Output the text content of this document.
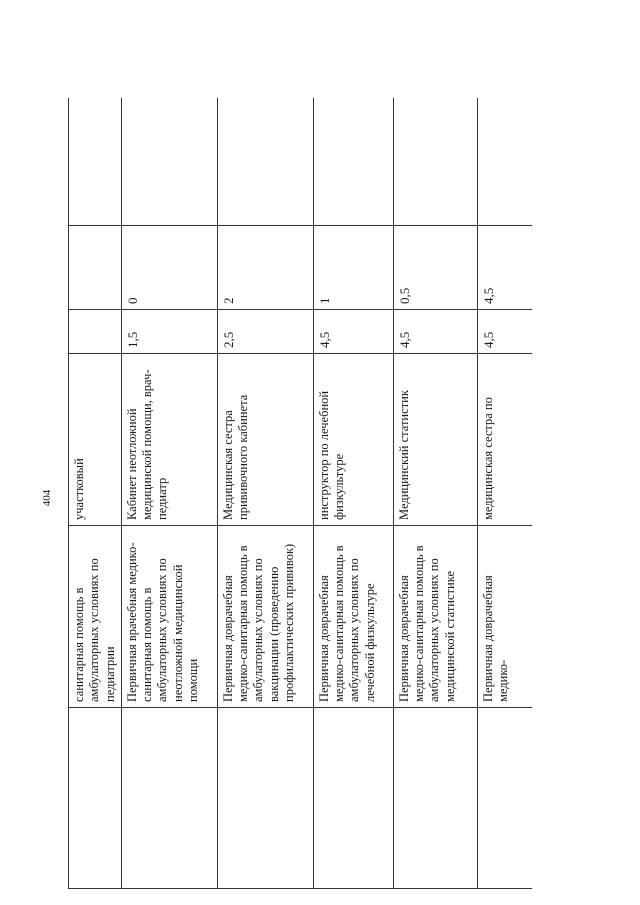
404
	санитарная помощь в амбулаторных условиях по педиатрии	участковый			
	Первичная врачебная медико-санитарная помощь в амбулаторных условиях по неотложной медицинской помощи	Кабинет неотложной медицинской помощи, врач-педиатр	1,5	0	
	Первичная доврачебная медико-санитарная помощь в амбулаторных условиях по вакцинации (проведению профилактических прививок)	Медицинская сестра прививочного кабинета	2,5	2	
	Первичная доврачебная медико-санитарная помощь в амбулаторных условиях по лечебной физкультуре	инструктор по лечебной физкультуре	4,5	1	
	Первичная доврачебная медико-санитарная помощь в амбулаторных условиях по медицинской статистике	Медицинский статистик	4,5	0,5	
	Первичная доврачебная медико-	медицинская сестра по	4,5	4,5	
